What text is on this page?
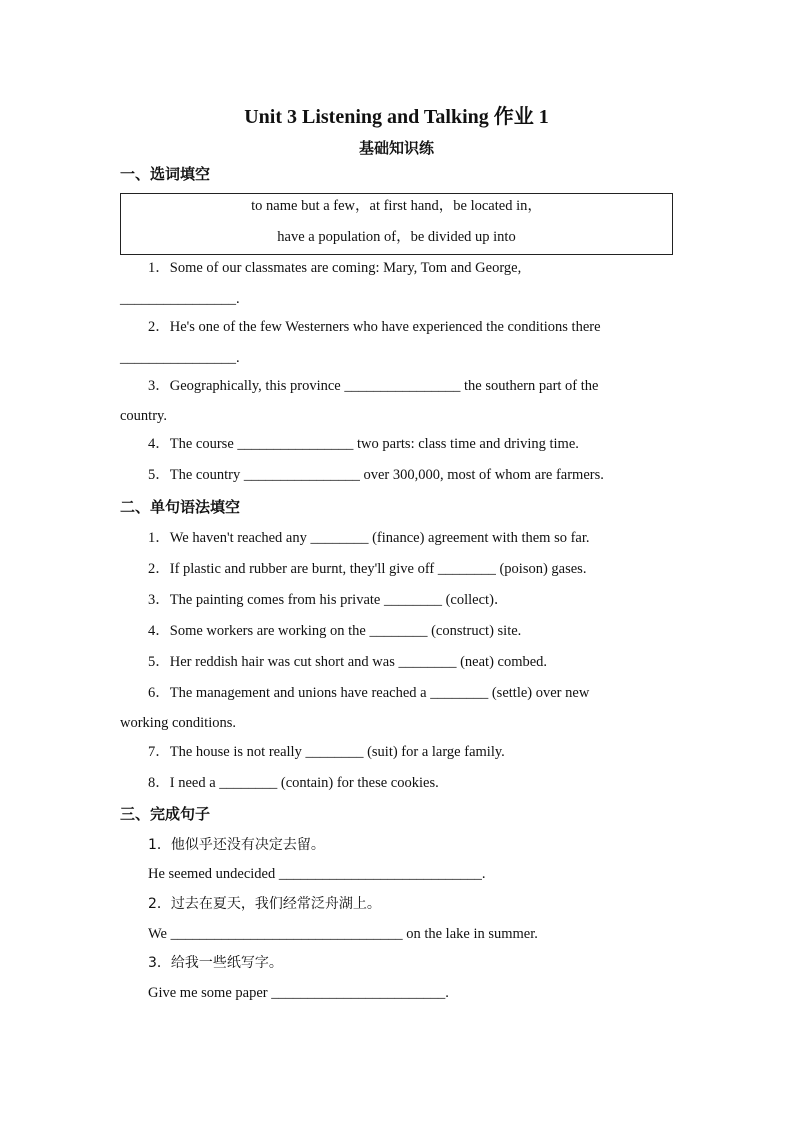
Unit 3 Listening and Talking 作业 1
基础知识练
一、选词填空
to name but a few，at first hand，be located in，
have a population of，be divided up into
1．Some of our classmates are coming: Mary, Tom and George,
________________.
2．He's one of the few Westerners who have experienced the conditions there
________________.
3．Geographically, this province ________________ the southern part of the
country.
4．The course ________________ two parts: class time and driving time.
5．The country ________________ over 300,000, most of whom are farmers.
二、单句语法填空
1．We haven't reached any ________ (finance) agreement with them so far.
2．If plastic and rubber are burnt, they'll give off ________ (poison) gases.
3．The painting comes from his private ________ (collect)．
4．Some workers are working on the ________ (construct) site.
5．Her reddish hair was cut short and was ________ (neat) combed.
6．The management and unions have reached a ________ (settle) over new
working conditions.
7．The house is not really ________ (suit) for a large family.
8．I need a ________ (contain) for these cookies.
三、完成句子
1．他似乎还没有决定去留。
He seemed undecided ____________________________.
2．过去在夏天，我们经常泛舟湖上。
We ________________________________ on the lake in summer.
3．给我一些纸写字。
Give me some paper ________________________.
